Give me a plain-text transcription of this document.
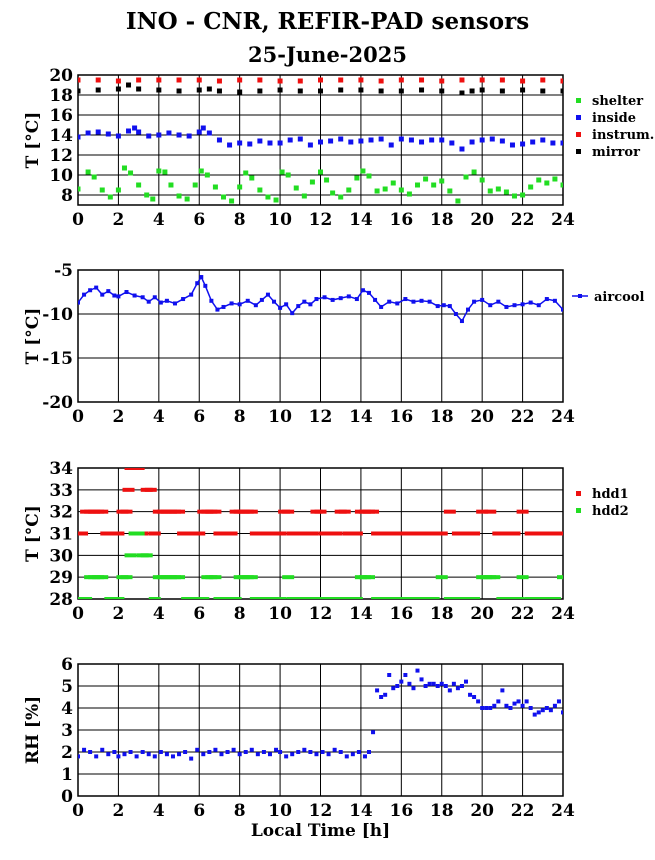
INO - CNR, REFIR-PAD sensors
25-June-2025
0 2 4 6 8 10 12 14 16 18 20 22 24
8
10
12
14
16
18
20
T [°C]
shelter
inside
instrum.
mirror
0 2 4 6 8 10 12 14 16 18 20 22 24
-20
-15
-10
-5
T [°C]
aircool
0 2 4 6 8 10 12 14 16 18 20 22 24
28
29
30
31
32
33
34
T [°C]
hdd1
hdd2
0 2 4 6 8 10 12 14 16 18 20 22 24
0
1
2
3
4
5
6
RH [%]
Local Time [h]
